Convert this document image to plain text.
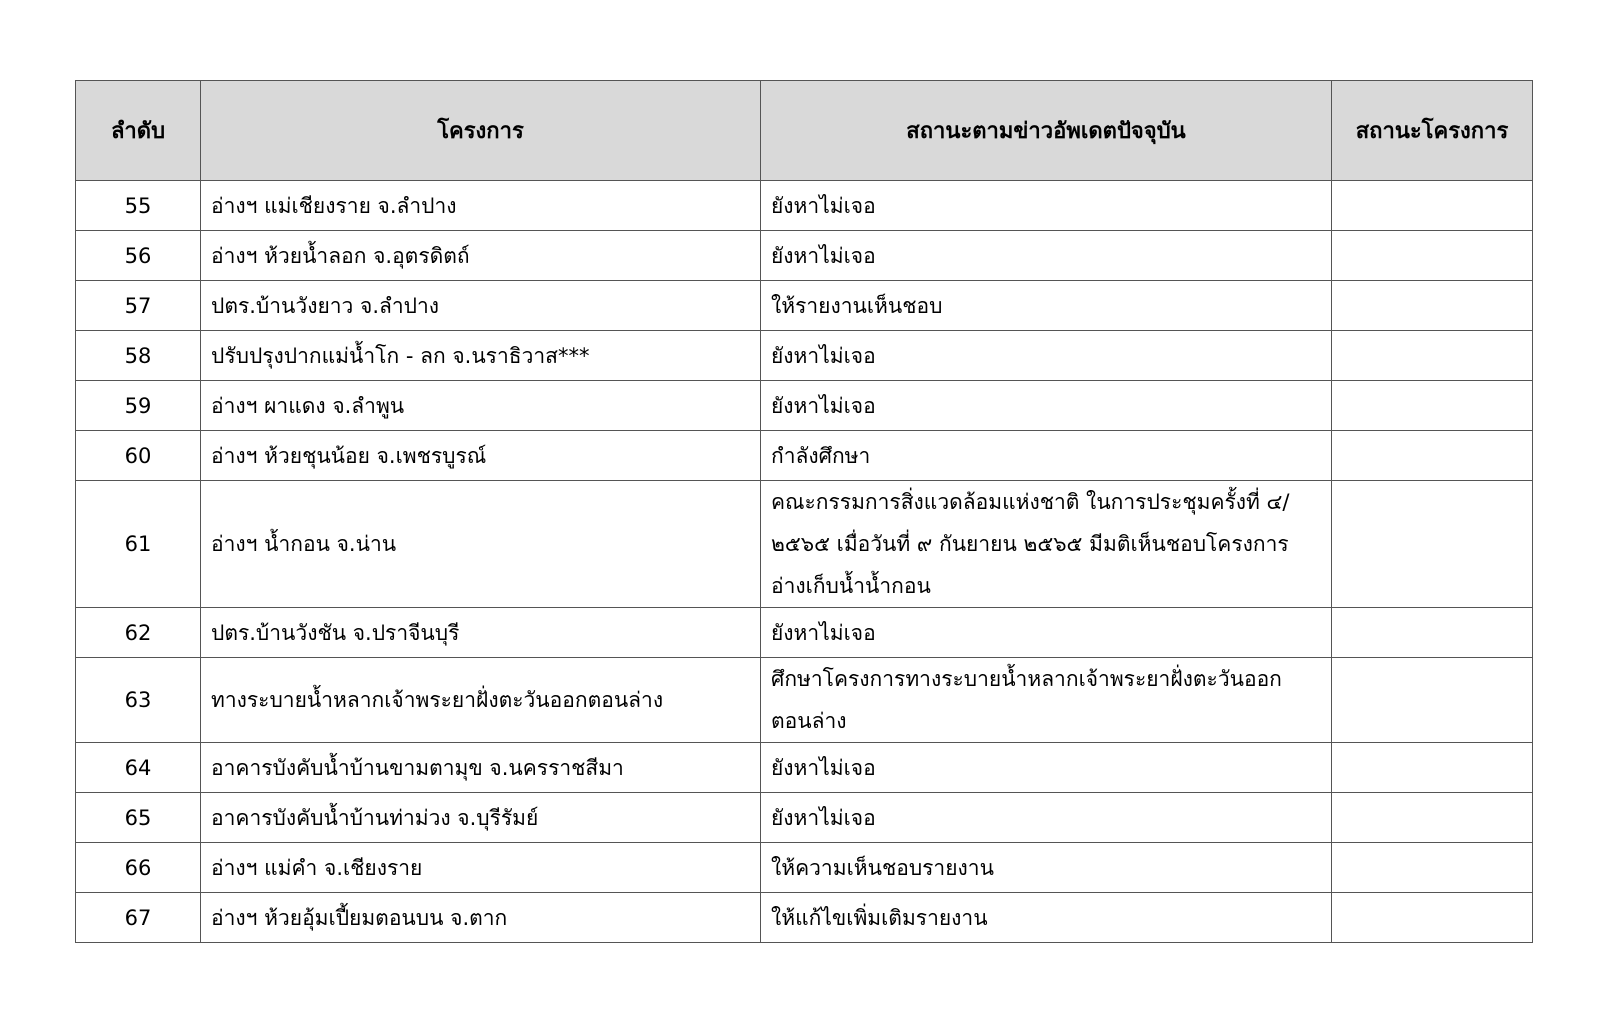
ลำดับ	โครงการ	สถานะตามข่าวอัพเดตปัจจุบัน	สถานะโครงการ
55	อ่างฯ แม่เชียงราย จ.ลำปาง	ยังหาไม่เจอ	
56	อ่างฯ ห้วยน้ำลอก จ.อุตรดิตถ์	ยังหาไม่เจอ	
57	ปตร.บ้านวังยาว จ.ลำปาง	ให้รายงานเห็นชอบ	
58	ปรับปรุงปากแม่น้ำโก - ลก จ.นราธิวาส***	ยังหาไม่เจอ	
59	อ่างฯ ผาแดง จ.ลำพูน	ยังหาไม่เจอ	
60	อ่างฯ ห้วยชุนน้อย จ.เพชรบูรณ์	กำลังศึกษา	
61	อ่างฯ น้ำกอน จ.น่าน	คณะกรรมการสิ่งแวดล้อมแห่งชาติ ในการประชุมครั้งที่ ๔/
๒๕๖๕ เมื่อวันที่ ๙ กันยายน ๒๕๖๕ มีมติเห็นชอบโครงการ
อ่างเก็บน้ำน้ำกอน	

62	ปตร.บ้านวังชัน จ.ปราจีนบุรี	ยังหาไม่เจอ	
63	ทางระบายน้ำหลากเจ้าพระยาฝั่งตะวันออกตอนล่าง	ศึกษาโครงการทางระบายน้ำหลากเจ้าพระยาฝั่งตะวันออก
ตอนล่าง	

64	อาคารบังคับน้ำบ้านขามตามุข จ.นครราชสีมา	ยังหาไม่เจอ	
65	อาคารบังคับน้ำบ้านท่าม่วง จ.บุรีรัมย์	ยังหาไม่เจอ	
66	อ่างฯ แม่คำ จ.เชียงราย	ให้ความเห็นชอบรายงาน	
67	อ่างฯ ห้วยอุ้มเปี้ยมตอนบน จ.ตาก	ให้แก้ไขเพิ่มเติมรายงาน	
